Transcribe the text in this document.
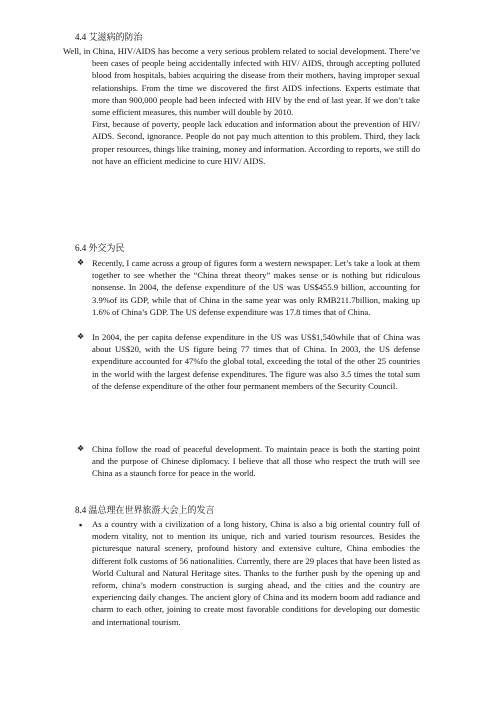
4.4 艾滋病的防治

Well, in China, HIV/AIDS has become a very serious problem related to social development. There’ve been cases of people being accidentally infected with HIV/ AIDS, through accepting polluted blood from hospitals, babies acquiring the disease from their mothers, having improper sexual relationships. From the time we discovered the first AIDS infections. Experts estimate that more than 900,000 people had been infected with HIV by the end of last year. If we don’t take some efficient measures, this number will double by 2010.

First, because of poverty, people lack education and information about the prevention of HIV/ AIDS. Second, ignorance. People do not pay much attention to this problem. Third, they lack proper resources, things like training, money and information. According to reports, we still do not have an efficient medicine to cure HIV/ AIDS.

6.4 外交为民
❖ Recently, I came across a group of figures form a western newspaper. Let’s take a look at them together to see whether the “China threat theory” makes sense or is nothing but ridiculous nonsense. In 2004, the defense expenditure of the US was US$455.9 billion, accounting for 3.9%of its GDP, while that of China in the same year was only RMB211.7billion, making up 1.6% of China’s GDP. The US defense expenditure was 17.8 times that of China.
❖ In 2004, the per capita defense expenditure in the US was US$1,540while that of China was about US$20, with the US figure being 77 times that of China. In 2003, the US defense expenditure accounted for 47%fo the global total, exceeding the total of the other 25 countries in the world with the largest defense expenditures. The figure was also 3.5 times the total sum of the defense expenditure of the other four permanent members of the Security Council.
❖ China follow the road of peaceful development. To maintain peace is both the starting point and the purpose of Chinese diplomacy. I believe that all those who respect the truth will see China as a staunch force for peace in the world.
8.4 温总理在世界旅游大会上的发言
▪ As a country with a civilization of a long history, China is also a big oriental country full of modern vitality, not to mention its unique, rich and varied tourism resources. Besides the picturesque natural scenery, profound history and extensive culture, China embodies the different folk customs of 56 nationalities. Currently, there are 29 places that have been listed as World Cultural and Natural Heritage sites. Thanks to the further push by the opening up and reform, china’s modern construction is surging ahead, and the cities and the country are experiencing daily changes. The ancient glory of China and its modern boom add radiance and charm to each other, joining to create most favorable conditions for developing our domestic and international tourism.
